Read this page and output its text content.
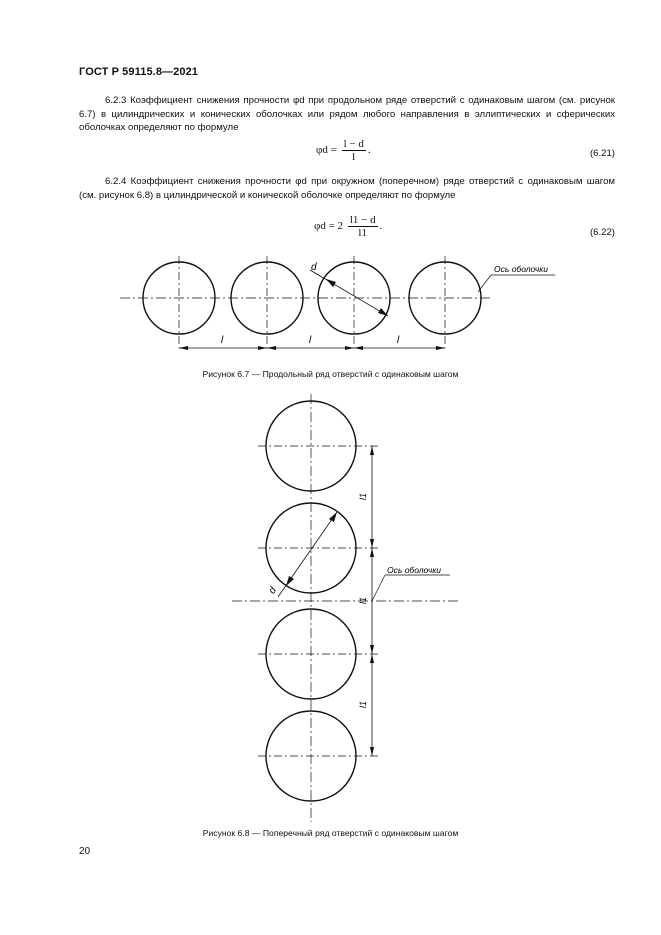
ГОСТ Р 59115.8—2021

6.2.3 Коэффициент снижения прочности φd при продольном ряде отверстий с одинаковым шагом (см. рисунок 6.7) в цилиндрических и конических оболочках или рядом любого направления в эллиптических и сферических оболочках определяют по формуле

$\varphi d = \frac{l - d}{l}$ .	(6.21)

6.2.4 Коэффициент снижения прочности φd при окружном (поперечном) ряде отверстий с одинаковым шагом (см. рисунок 6.8) в цилиндрической и конической оболочке определяют по формуле

$\varphi d = 2 \frac{l1 - d}{l1}$ .
(6.22)
d	Ось оболочки
l	l	l
Рисунок 6.7 — Продольный ряд отверстий с одинаковым шагом
Ось оболочки
d
l1
l1
l1
Рисунок 6.8 — Поперечный ряд отверстий с одинаковым шагом
20
